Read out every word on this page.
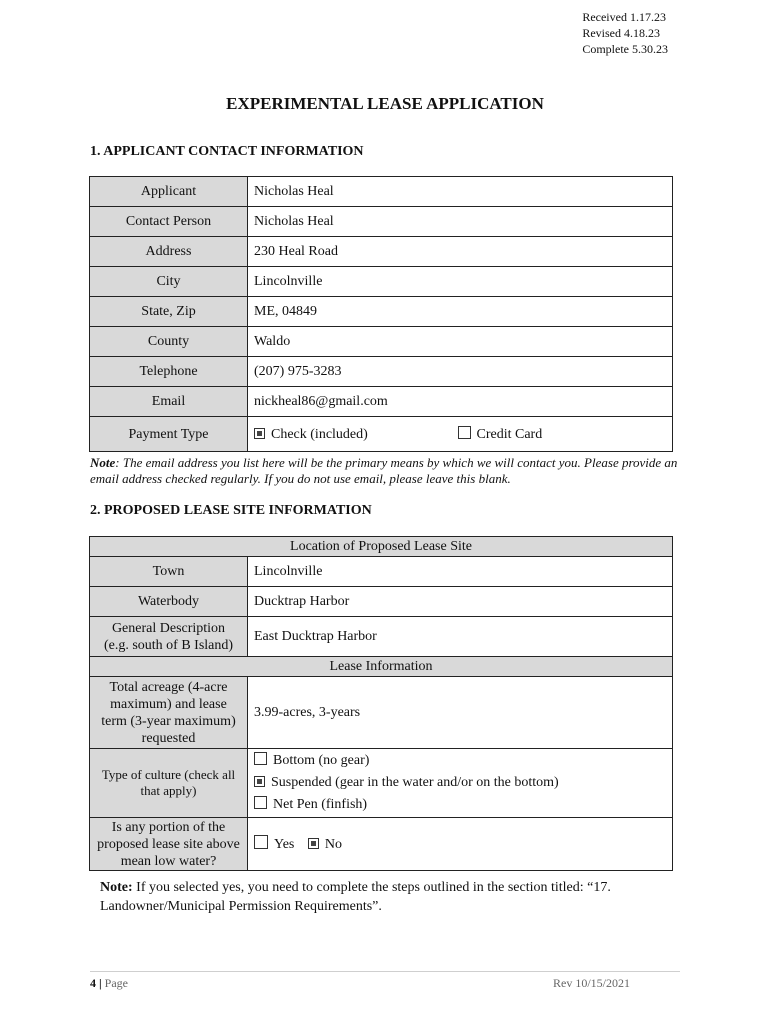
Received 1.17.23
Revised 4.18.23
Complete 5.30.23
EXPERIMENTAL LEASE APPLICATION
1. APPLICANT CONTACT INFORMATION
Applicant	Nicholas Heal
Contact Person	Nicholas Heal
Address	230 Heal Road
City	Lincolnville
State, Zip	ME, 04849
County	Waldo
Telephone	(207) 975-3283
Email	nickheal86@gmail.com
Payment Type	Check (included) Credit Card
Note: The email address you list here will be the primary means by which we will contact you. Please provide an email address checked regularly. If you do not use email, please leave this blank.
2. PROPOSED LEASE SITE INFORMATION
Location of Proposed Lease Site	
Town	Lincolnville
Waterbody	Ducktrap Harbor

General Description
(e.g. south of B Island)	East Ducktrap Harbor
Lease Information	
Total acreage (4-acre maximum) and lease term (3-year maximum) requested	3.99-acres, 3-years
Type of culture (check all that apply)	Bottom (no gear)
Suspended (gear in the water and/or on the bottom)
Net Pen (finfish)

Is any portion of the proposed lease site above mean low water?	Yes No
Note: If you selected yes, you need to complete the steps outlined in the section titled: “17. Landowner/Municipal Permission Requirements”.
4 | Page	Rev 10/15/2021
